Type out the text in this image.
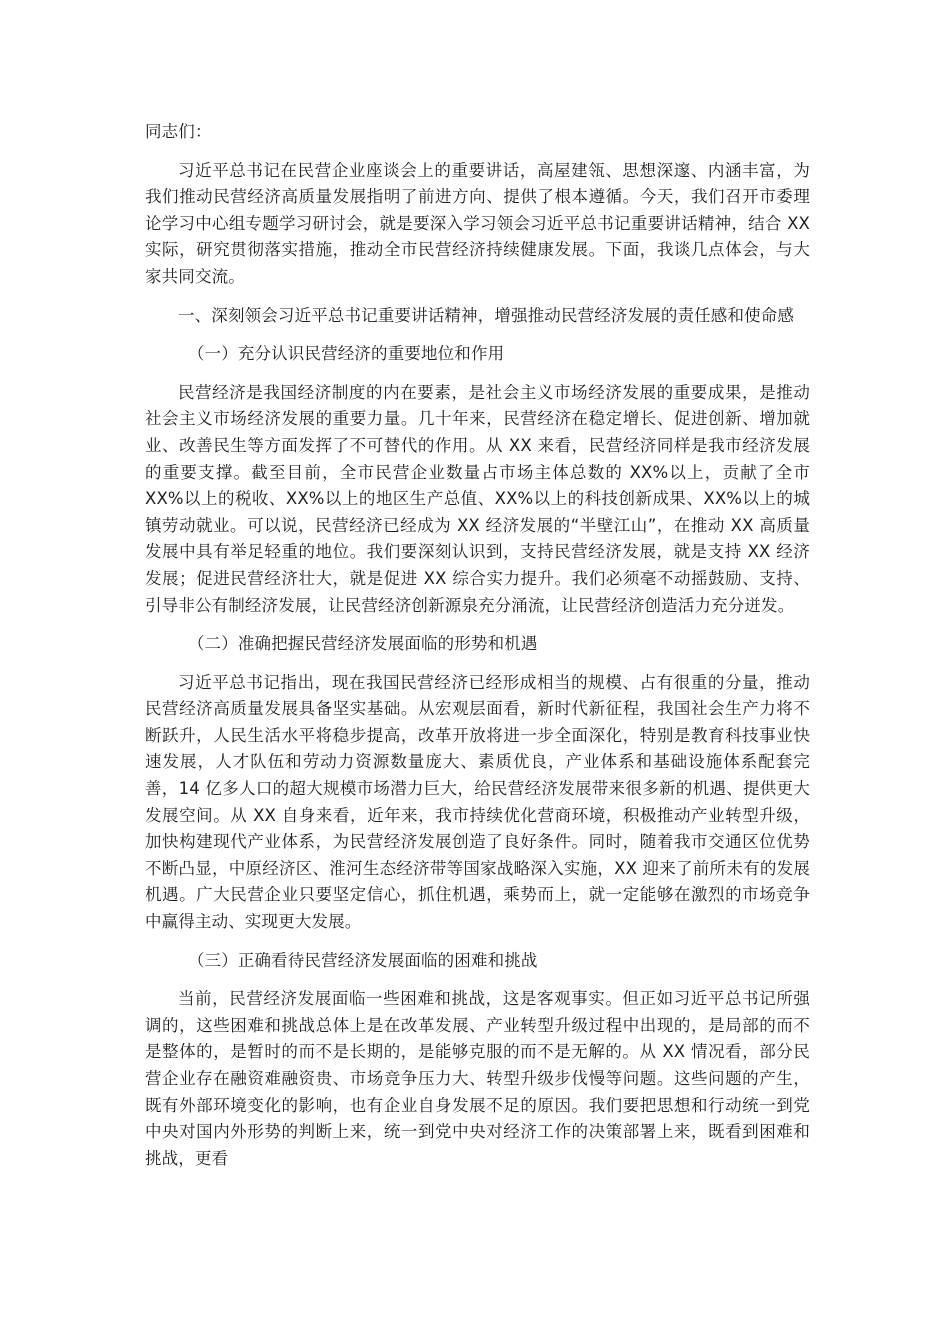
同志们：

习近平总书记在民营企业座谈会上的重要讲话，高屋建瓴、思想深邃、内涵丰富，为我们推动民营经济高质量发展指明了前进方向、提供了根本遵循。今天，我们召开市委理论学习中心组专题学习研讨会，就是要深入学习领会习近平总书记重要讲话精神，结合 XX 实际，研究贯彻落实措施，推动全市民营经济持续健康发展。下面，我谈几点体会，与大家共同交流。

一、深刻领会习近平总书记重要讲话精神，增强推动民营经济发展的责任感和使命感

（一）充分认识民营经济的重要地位和作用

民营经济是我国经济制度的内在要素，是社会主义市场经济发展的重要成果，是推动社会主义市场经济发展的重要力量。几十年来，民营经济在稳定增长、促进创新、增加就业、改善民生等方面发挥了不可替代的作用。从 XX 来看，民营经济同样是我市经济发展的重要支撑。截至目前，全市民营企业数量占市场主体总数的 XX%以上，贡献了全市 XX%以上的税收、XX%以上的地区生产总值、XX%以上的科技创新成果、XX%以上的城镇劳动就业。可以说，民营经济已经成为 XX 经济发展的“半壁江山”，在推动 XX 高质量发展中具有举足轻重的地位。我们要深刻认识到，支持民营经济发展，就是支持 XX 经济发展；促进民营经济壮大，就是促进 XX 综合实力提升。我们必须毫不动摇鼓励、支持、引导非公有制经济发展，让民营经济创新源泉充分涌流，让民营经济创造活力充分迸发。

（二）准确把握民营经济发展面临的形势和机遇

习近平总书记指出，现在我国民营经济已经形成相当的规模、占有很重的分量，推动民营经济高质量发展具备坚实基础。从宏观层面看，新时代新征程，我国社会生产力将不断跃升，人民生活水平将稳步提高，改革开放将进一步全面深化，特别是教育科技事业快速发展，人才队伍和劳动力资源数量庞大、素质优良，产业体系和基础设施体系配套完善，14 亿多人口的超大规模市场潜力巨大，给民营经济发展带来很多新的机遇、提供更大发展空间。从 XX 自身来看，近年来，我市持续优化营商环境，积极推动产业转型升级，加快构建现代产业体系，为民营经济发展创造了良好条件。同时，随着我市交通区位优势不断凸显，中原经济区、淮河生态经济带等国家战略深入实施，XX 迎来了前所未有的发展机遇。广大民营企业只要坚定信心，抓住机遇，乘势而上，就一定能够在激烈的市场竞争中赢得主动、实现更大发展。

（三）正确看待民营经济发展面临的困难和挑战

当前，民营经济发展面临一些困难和挑战，这是客观事实。但正如习近平总书记所强调的，这些困难和挑战总体上是在改革发展、产业转型升级过程中出现的，是局部的而不是整体的，是暂时的而不是长期的，是能够克服的而不是无解的。从 XX 情况看，部分民营企业存在融资难融资贵、市场竞争压力大、转型升级步伐慢等问题。这些问题的产生，既有外部环境变化的影响，也有企业自身发展不足的原因。我们要把思想和行动统一到党中央对国内外形势的判断上来，统一到党中央对经济工作的决策部署上来，既看到困难和挑战，更看
